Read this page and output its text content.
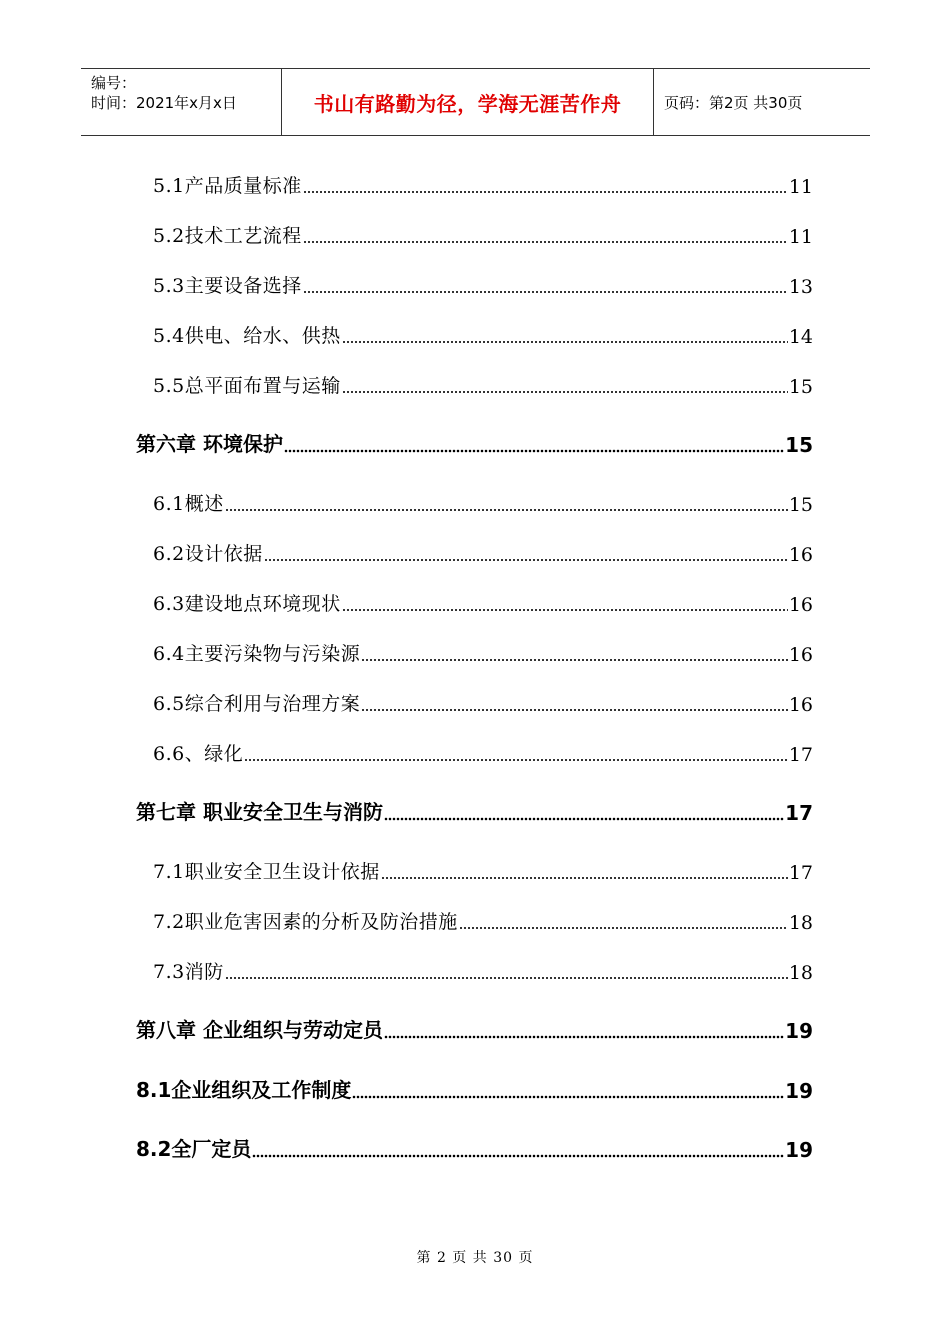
编号：
时间：2021年x月x日	书山有路勤为径，学海无涯苦作舟	页码：第2页 共30页
5.1产品质量标准	11
5.2技术工艺流程	11
5.3主要设备选择	13
5.4供电、给水、供热	14
5.5总平面布置与运输	15
第六章 环境保护	15
6.1概述	15
6.2设计依据	16
6.3建设地点环境现状	16
6.4主要污染物与污染源	16
6.5综合利用与治理方案	16
6.6、绿化	17
第七章 职业安全卫生与消防	17
7.1职业安全卫生设计依据	17
7.2职业危害因素的分析及防治措施	18
7.3消防	18
第八章 企业组织与劳动定员	19
8.1企业组织及工作制度	19
8.2全厂定员	19
第 2 页 共 30 页
